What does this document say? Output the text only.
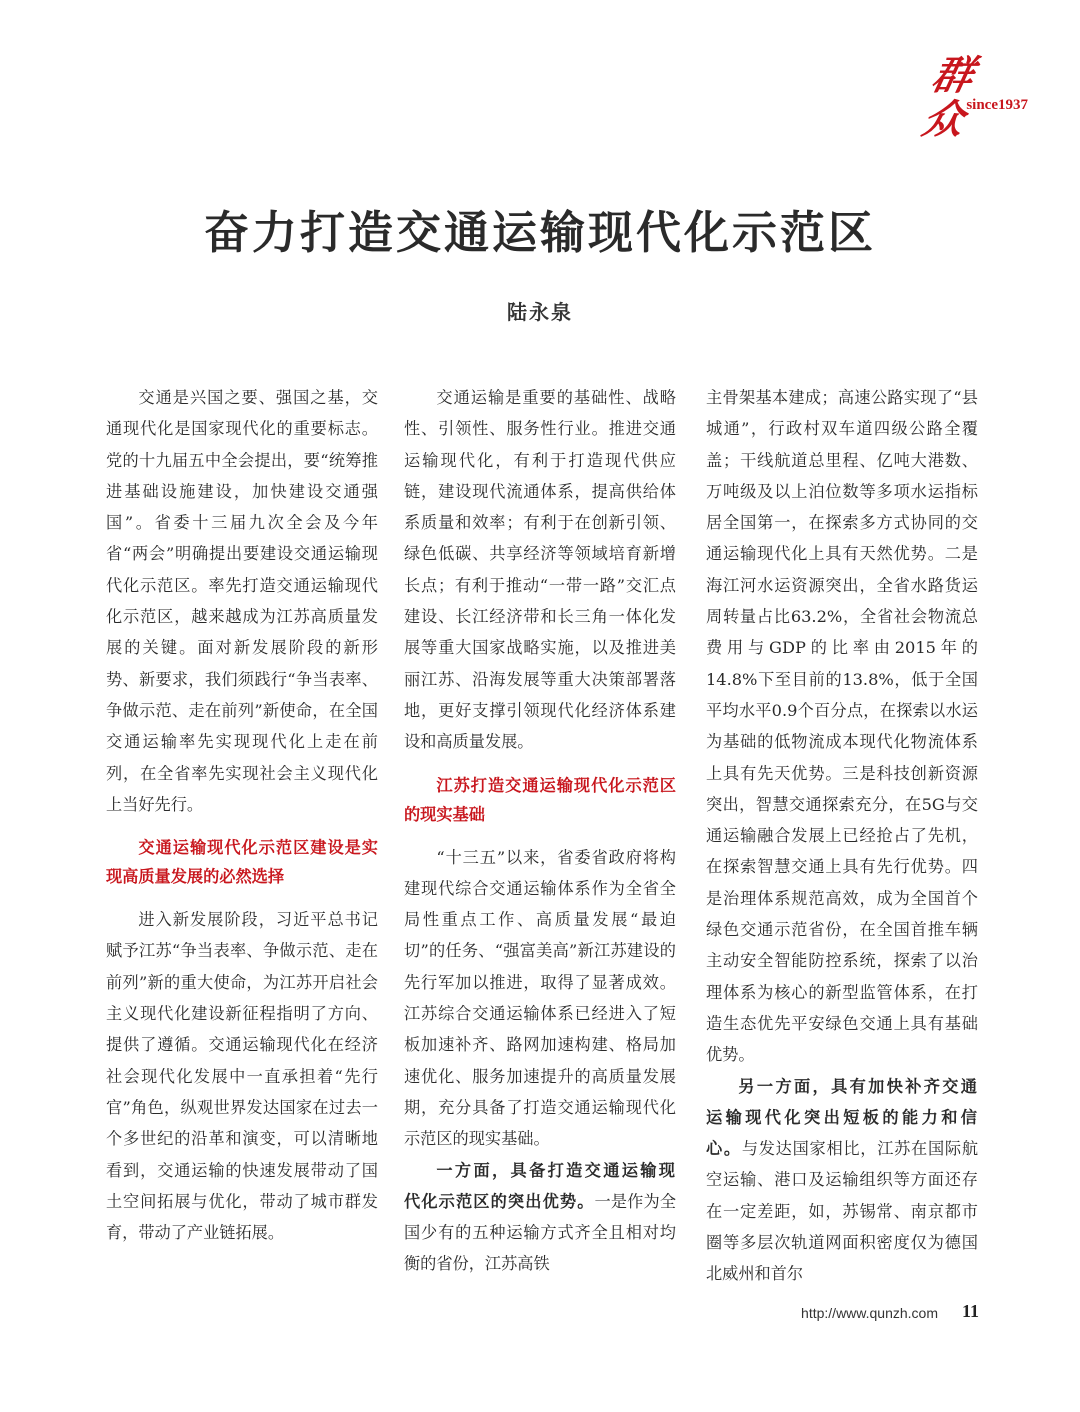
群众
since1937
奋力打造交通运输现代化示范区
陆永泉

交通是兴国之要、强国之基，交通现代化是国家现代化的重要标志。党的十九届五中全会提出，要“统筹推进基础设施建设，加快建设交通强国”。省委十三届九次全会及今年省“两会”明确提出要建设交通运输现代化示范区。率先打造交通运输现代化示范区，越来越成为江苏高质量发展的关键。面对新发展阶段的新形势、新要求，我们须践行“争当表率、争做示范、走在前列”新使命，在全国交通运输率先实现现代化上走在前列，在全省率先实现社会主义现代化上当好先行。

交通运输现代化示范区建设是实现高质量发展的必然选择

进入新发展阶段，习近平总书记赋予江苏“争当表率、争做示范、走在前列”新的重大使命，为江苏开启社会主义现代化建设新征程指明了方向、提供了遵循。交通运输现代化在经济社会现代化发展中一直承担着“先行官”角色，纵观世界发达国家在过去一个多世纪的沿革和演变，可以清晰地看到，交通运输的快速发展带动了国土空间拓展与优化，带动了城市群发育，带动了产业链拓展。

交通运输是重要的基础性、战略性、引领性、服务性行业。推进交通运输现代化，有利于打造现代供应链，建设现代流通体系，提高供给体系质量和效率；有利于在创新引领、绿色低碳、共享经济等领域培育新增长点；有利于推动“一带一路”交汇点建设、长江经济带和长三角一体化发展等重大国家战略实施，以及推进美丽江苏、沿海发展等重大决策部署落地，更好支撑引领现代化经济体系建设和高质量发展。

江苏打造交通运输现代化示范区的现实基础

“十三五”以来，省委省政府将构建现代综合交通运输体系作为全省全局性重点工作、高质量发展“最迫切”的任务、“强富美高”新江苏建设的先行军加以推进，取得了显著成效。江苏综合交通运输体系已经进入了短板加速补齐、路网加速构建、格局加速优化、服务加速提升的高质量发展期，充分具备了打造交通运输现代化示范区的现实基础。

一方面，具备打造交通运输现代化示范区的突出优势。一是作为全国少有的五种运输方式齐全且相对均衡的省份，江苏高铁

主骨架基本建成；高速公路实现了“县城通”，行政村双车道四级公路全覆盖；干线航道总里程、亿吨大港数、万吨级及以上泊位数等多项水运指标居全国第一，在探索多方式协同的交通运输现代化上具有天然优势。二是海江河水运资源突出，全省水路货运周转量占比63.2%，全省社会物流总费用与GDP的比率由2015年的14.8%下至目前的13.8%，低于全国平均水平0.9个百分点，在探索以水运为基础的低物流成本现代化物流体系上具有先天优势。三是科技创新资源突出，智慧交通探索充分，在5G与交通运输融合发展上已经抢占了先机，在探索智慧交通上具有先行优势。四是治理体系规范高效，成为全国首个绿色交通示范省份，在全国首推车辆主动安全智能防控系统，探索了以治理体系为核心的新型监管体系，在打造生态优先平安绿色交通上具有基础优势。

另一方面，具有加快补齐交通运输现代化突出短板的能力和信心。与发达国家相比，江苏在国际航空运输、港口及运输组织等方面还存在一定差距，如，苏锡常、南京都市圈等多层次轨道网面积密度仅为德国北威州和首尔

http://www.qunzh.com 11
